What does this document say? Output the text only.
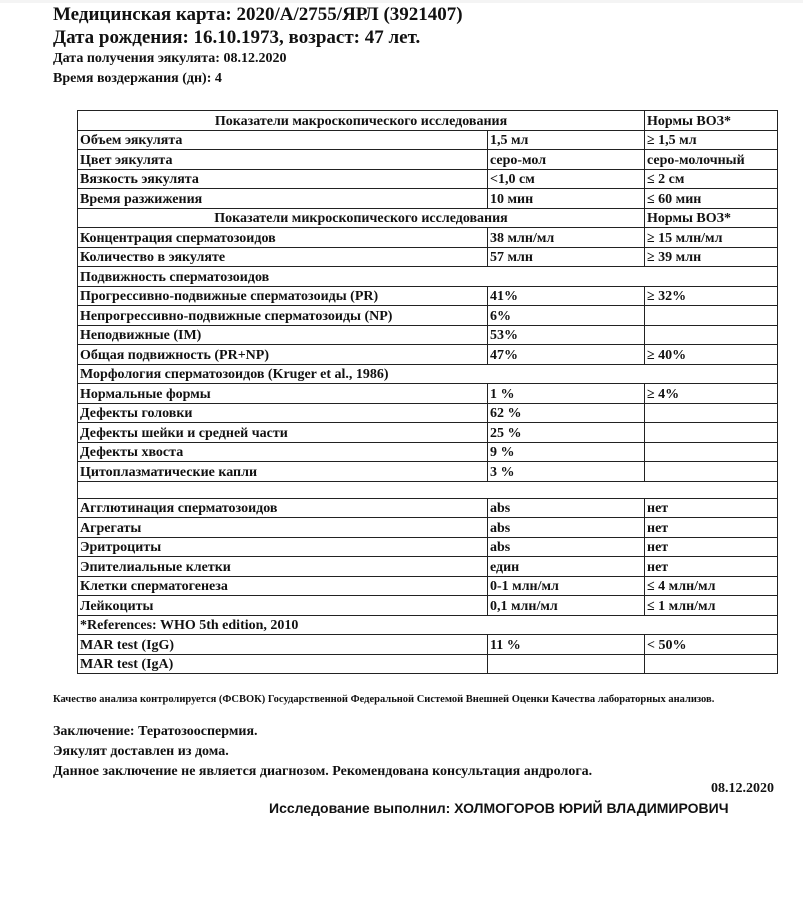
Медицинская карта: 2020/А/2755/ЯРЛ (3921407)
Дата рождения: 16.10.1973, возраст: 47 лет.
Дата получения эякулята: 08.12.2020
Время воздержания (дн): 4
Показатели макроскопического исследования		Нормы ВОЗ*
Объем эякулята	1,5 мл	≥ 1,5 мл
Цвет эякулята	серо-мол	серо-молочный
Вязкость эякулята	<1,0 см	≤ 2 см
Время разжижения	10 мин	≤ 60 мин
Показатели микроскопического исследования		Нормы ВОЗ*
Концентрация сперматозоидов	38 млн/мл	≥ 15 млн/мл
Количество в эякуляте	57 млн	≥ 39 млн
Подвижность сперматозоидов		
Прогрессивно-подвижные сперматозоиды (PR)	41%	≥ 32%
Непрогрессивно-подвижные сперматозоиды (NP)	6%	
Неподвижные (IM)	53%	
Общая подвижность (PR+NP)	47%	≥ 40%
Морфология сперматозоидов (Kruger et al., 1986)		
Нормальные формы	1 %	≥ 4%
Дефекты головки	62 %	
Дефекты шейки и средней части	25 %	
Дефекты хвоста	9 %	
Цитоплазматические капли	3 %	

Агглютинация сперматозоидов	abs	нет
Агрегаты	abs	нет
Эритроциты	abs	нет
Эпителиальные клетки	един	нет
Клетки сперматогенеза	0-1 млн/мл	≤ 4 млн/мл
Лейкоциты	0,1 млн/мл	≤ 1 млн/мл
*References: WHO 5th edition, 2010		
MAR test (IgG)	11 %	< 50%
MAR test (IgA)		
Качество анализа контролируется (ФСВОК) Государственной Федеральной Системой Внешней Оценки Качества лабораторных анализов.
Заключение: Тератозооспермия.
Эякулят доставлен из дома.
Данное заключение не является диагнозом. Рекомендована консультация андролога.
08.12.2020
Исследование выполнил: ХОЛМОГОРОВ ЮРИЙ ВЛАДИМИРОВИЧ
